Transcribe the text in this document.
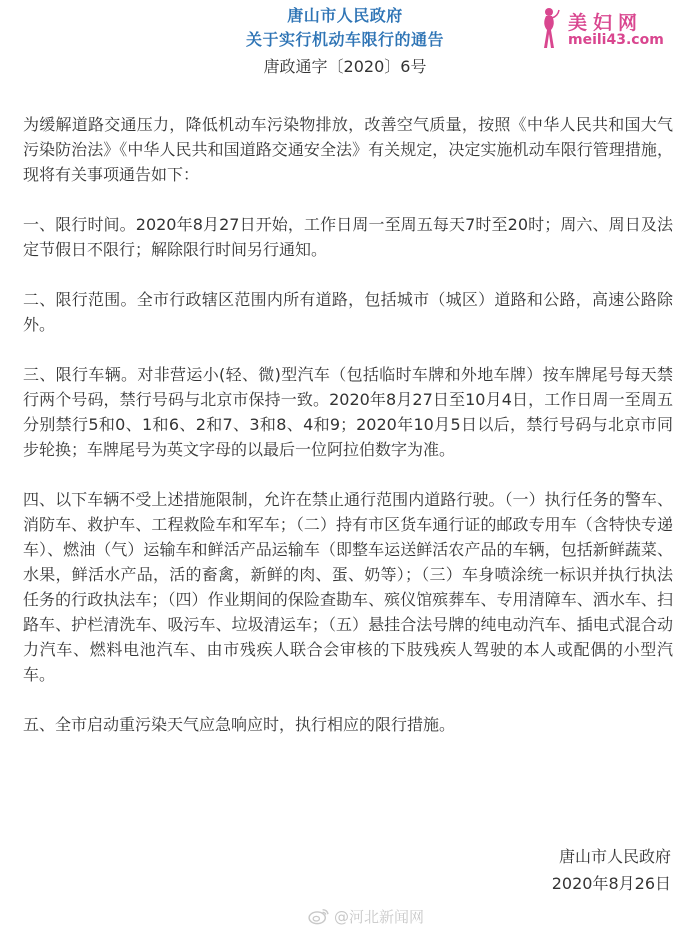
唐山市人民政府
关于实行机动车限行的通告
唐政通字〔2020〕6号
美妇网
meili43.com

为缓解道路交通压力，降低机动车污染物排放，改善空气质量，按照《中华人民共和国大气污染防治法》《中华人民共和国道路交通安全法》有关规定，决定实施机动车限行管理措施，现将有关事项通告如下：

一、限行时间。2020年8月27日开始，工作日周一至周五每天7时至20时；周六、周日及法定节假日不限行；解除限行时间另行通知。

二、限行范围。全市行政辖区范围内所有道路，包括城市（城区）道路和公路，高速公路除外。

三、限行车辆。对非营运小(轻、微)型汽车（包括临时车牌和外地车牌）按车牌尾号每天禁行两个号码，禁行号码与北京市保持一致。2020年8月27日至10月4日，工作日周一至周五分别禁行5和0、1和6、2和7、3和8、4和9；2020年10月5日以后，禁行号码与北京市同步轮换；车牌尾号为英文字母的以最后一位阿拉伯数字为准。

四、以下车辆不受上述措施限制，允许在禁止通行范围内道路行驶。（一）执行任务的警车、消防车、救护车、工程救险车和军车；（二）持有市区货车通行证的邮政专用车（含特快专递车）、燃油（气）运输车和鲜活产品运输车（即整车运送鲜活农产品的车辆，包括新鲜蔬菜、水果，鲜活水产品，活的畜禽，新鲜的肉、蛋、奶等）；（三）车身喷涂统一标识并执行执法任务的行政执法车；（四）作业期间的保险查勘车、殡仪馆殡葬车、专用清障车、洒水车、扫路车、护栏清洗车、吸污车、垃圾清运车；（五）悬挂合法号牌的纯电动汽车、插电式混合动力汽车、燃料电池汽车、由市残疾人联合会审核的下肢残疾人驾驶的本人或配偶的小型汽车。

五、全市启动重污染天气应急响应时，执行相应的限行措施。

唐山市人民政府
2020年8月26日
@河北新闻网
